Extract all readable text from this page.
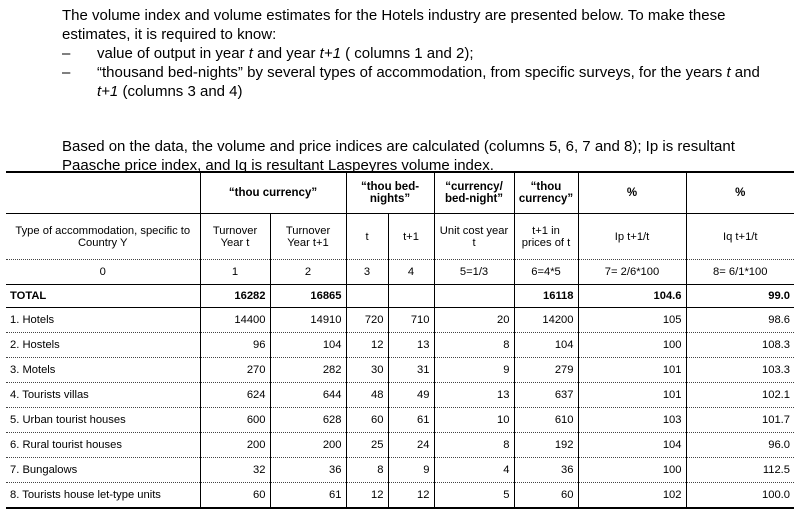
The volume index and volume estimates for the Hotels industry are presented below. To make these estimates, it is required to know:

– value of output in year t and year t+1 ( columns 1 and 2);
– “thousand bed-nights” by several types of accommodation, from specific surveys, for the years t and t+1 (columns 3 and 4)

Based on the data, the volume and price indices are calculated (columns 5, 6, 7 and 8); Ip is resultant Paasche price index, and Iq is resultant Laspeyres volume index.

	“thou currency”		“thou bed-nights”		“currency/ bed-night”	“thou currency”	%	%
Type of accommodation, specific to Country Y	Turnover Year t	Turnover Year t+1	t	t+1	Unit cost year t	t+1 in prices of t	Ip t+1/t	Iq t+1/t
0	1	2	3	4	5=1/3	6=4*5	7= 2/6*100	8= 6/1*100
TOTAL	16282	16865				16118	104.6	99.0
1. Hotels	14400	14910	720	710	20	14200	105	98.6
2. Hostels	96	104	12	13	8	104	100	108.3
3. Motels	270	282	30	31	9	279	101	103.3
4. Tourists villas	624	644	48	49	13	637	101	102.1
5. Urban tourist houses	600	628	60	61	10	610	103	101.7
6. Rural tourist houses	200	200	25	24	8	192	104	96.0
7. Bungalows	32	36	8	9	4	36	100	112.5
8. Tourists house let-type units	60	61	12	12	5	60	102	100.0
